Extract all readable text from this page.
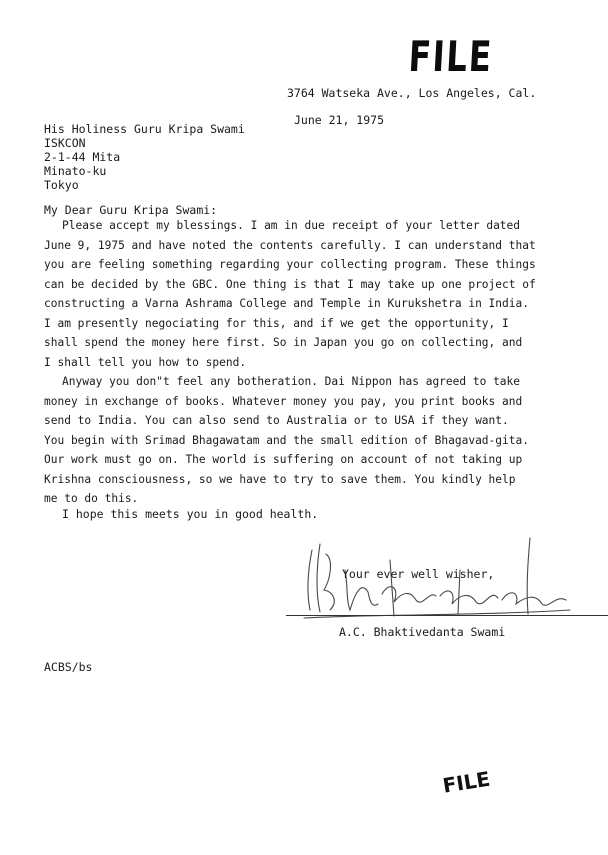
FILE
3764 Watseka Ave., Los Angeles, Cal.
June 21, 1975
His Holiness Guru Kripa Swami
ISKCON
2-1-44 Mita
Minato-ku
Tokyo
My Dear Guru Kripa Swami:

Please accept my blessings. I am in due receipt of your letter dated
June 9, 1975 and have noted the contents carefully. I can understand that
you are feeling something regarding your collecting program. These things
can be decided by the GBC. One thing is that I may take up one project of
constructing a Varna Ashrama College and Temple in Kurukshetra in India.
I am presently negociating for this, and if we get the opportunity, I
shall spend the money here first. So in Japan you go on collecting, and
I shall tell you how to spend.

Anyway you don"t feel any botheration. Dai Nippon has agreed to take
money in exchange of books. Whatever money you pay, you print books and
send to India. You can also send to Australia or to USA if they want.
You begin with Srimad Bhagawatam and the small edition of Bhagavad-gita.
Our work must go on. The world is suffering on account of not taking up
Krishna consciousness, so we have to try to save them. You kindly help
me to do this.

I hope this meets you in good health.
Your ever well wisher,
A.C. Bhaktivedanta Swami
ACBS/bs
FILE
